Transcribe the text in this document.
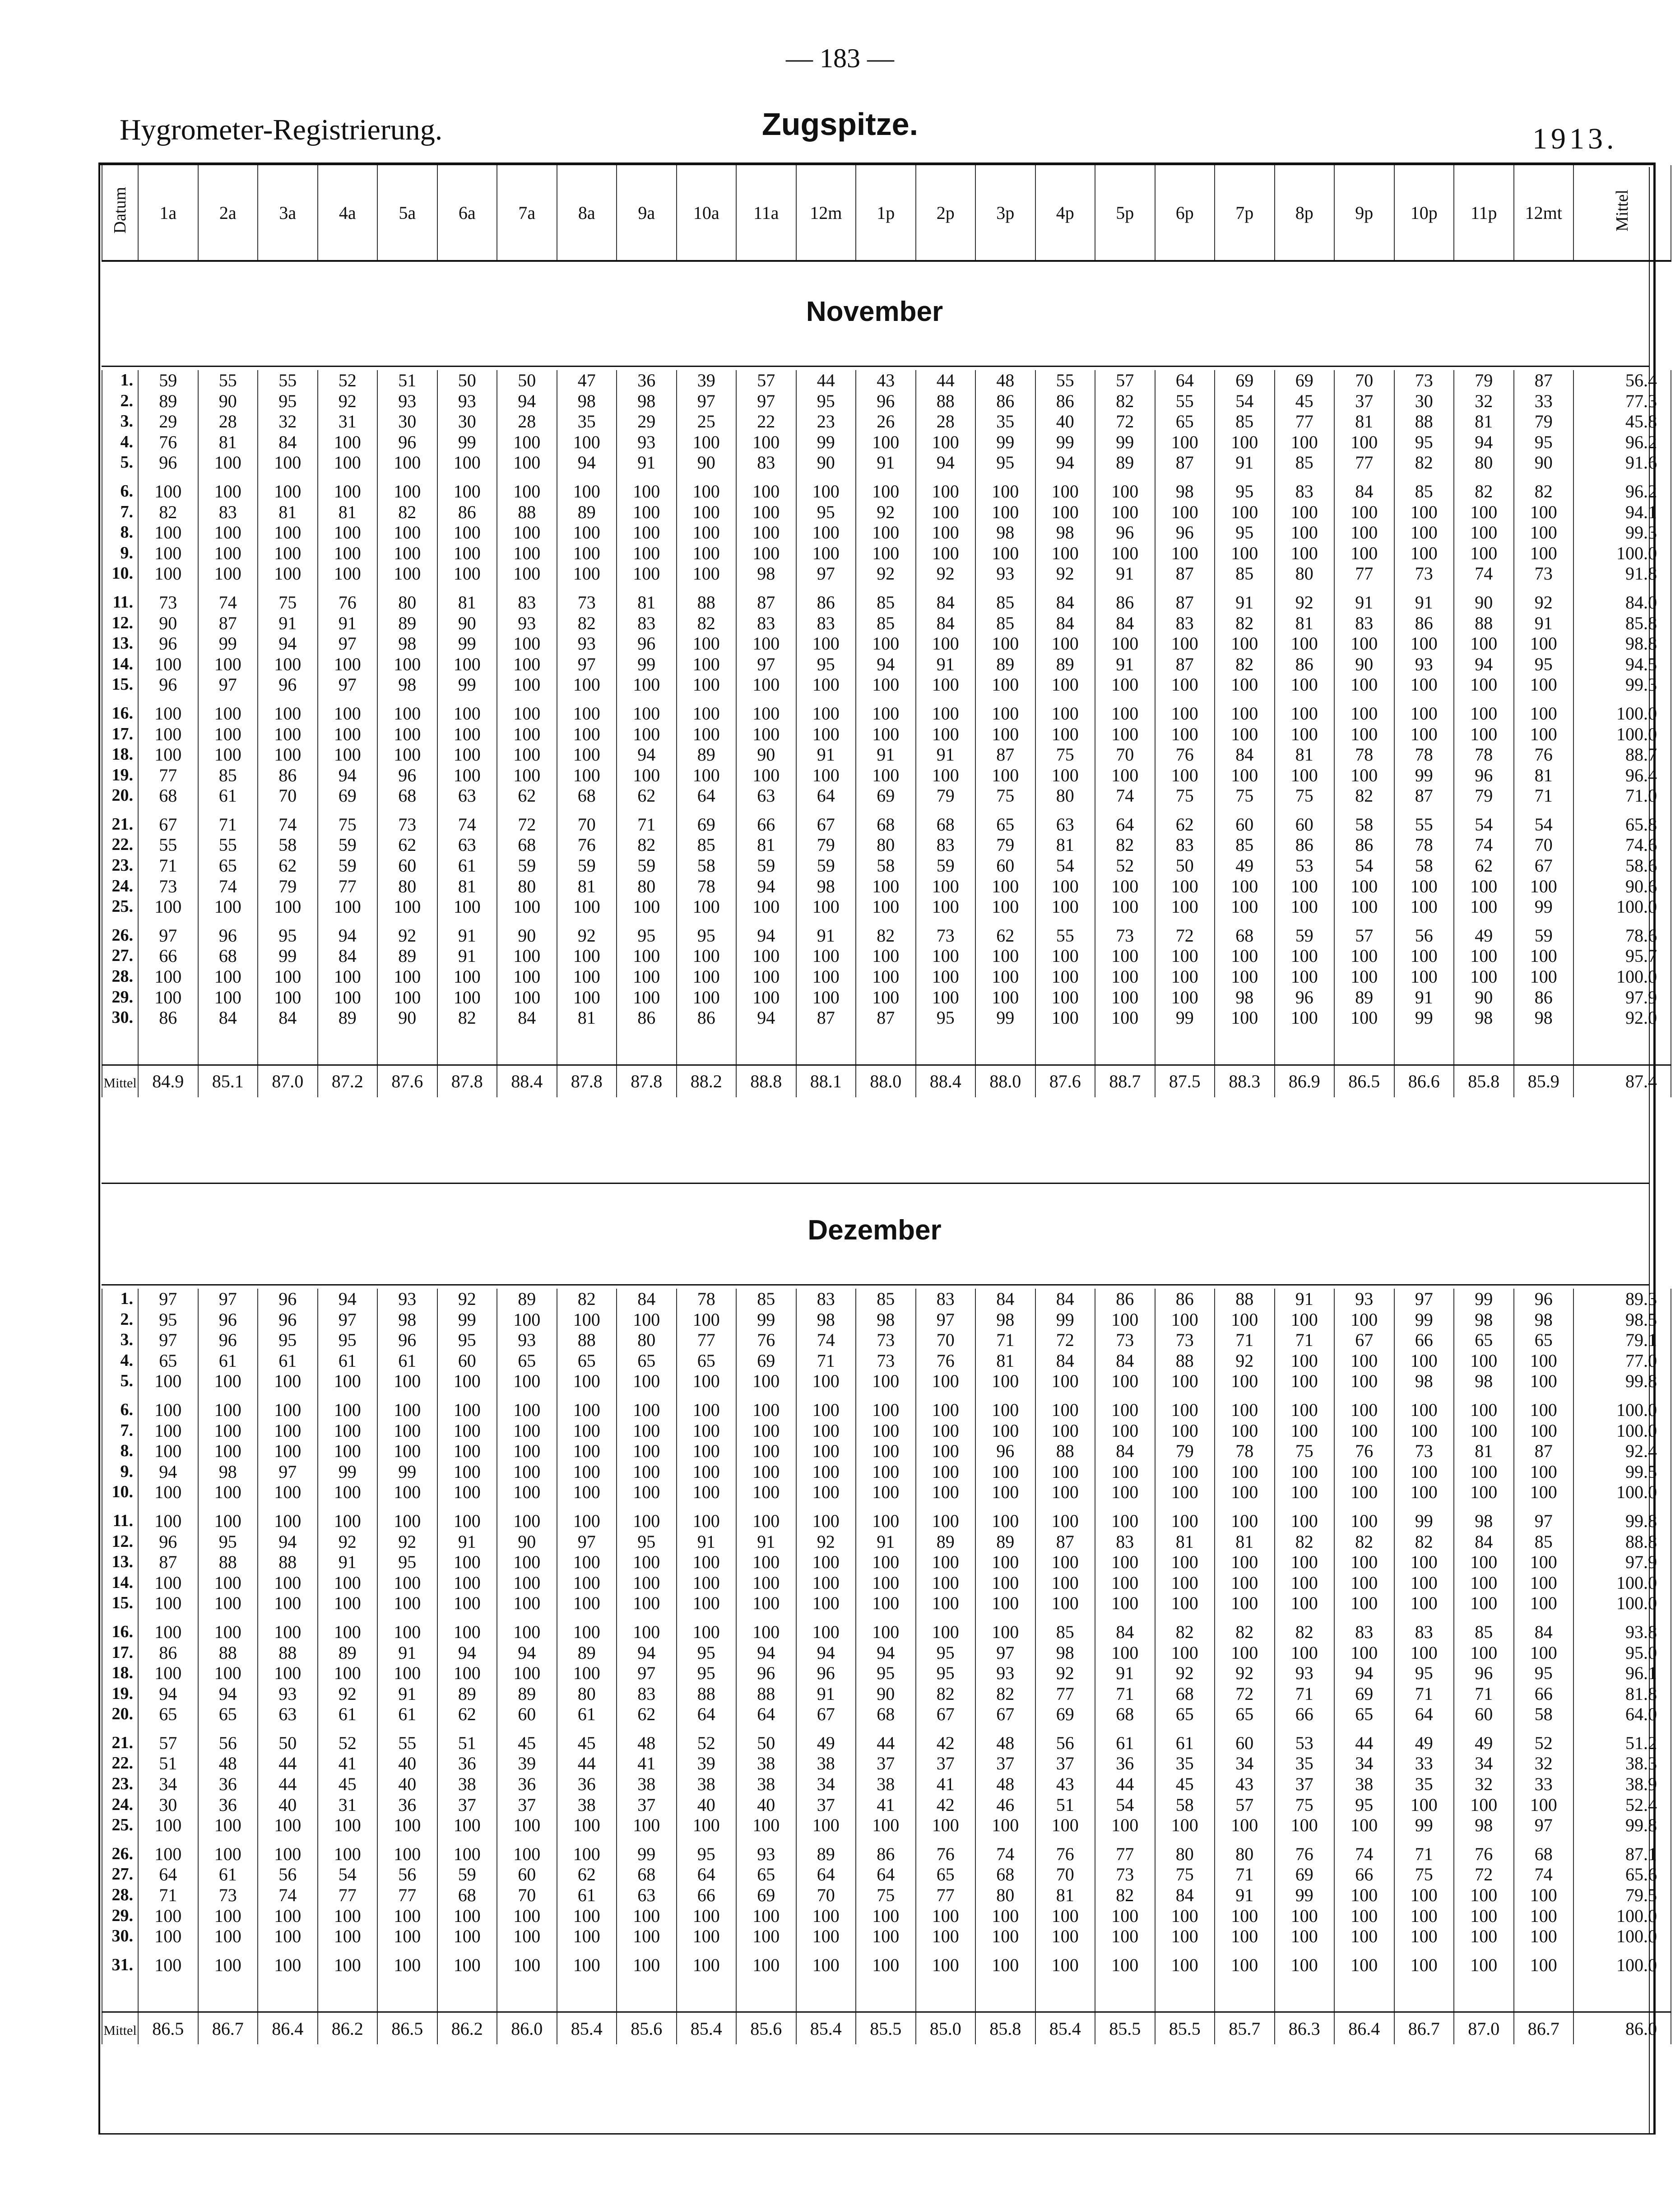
— 183 —
Hygrometer-Registrierung.	Zugspitze.	1913.
Datum	1a	2a	3a	4a	5a	6a	7a	8a	9a	10a	11a	12m	1p	2p	3p	4p	5p	6p	7p	8p	9p	10p	11p	12mt	Mittel
November
1.	59	55	55	52	51	50	50	47	36	39	57	44	43	44	48	55	57	64	69	69	70	73	79	87	56.4
2.	89	90	95	92	93	93	94	98	98	97	97	95	96	88	86	86	82	55	54	45	37	30	32	33	77.3
3.	29	28	32	31	30	30	28	35	29	25	22	23	26	28	35	40	72	65	85	77	81	88	81	79	45.8
4.	76	81	84	100	96	99	100	100	93	100	100	99	100	100	99	99	99	100	100	100	100	95	94	95	96.2
5.	96	100	100	100	100	100	100	94	91	90	83	90	91	94	95	94	89	87	91	85	77	82	80	90	91.6

6.	100	100	100	100	100	100	100	100	100	100	100	100	100	100	100	100	100	98	95	83	84	85	82	82	96.2
7.	82	83	81	81	82	86	88	89	100	100	100	95	92	100	100	100	100	100	100	100	100	100	100	100	94.1
8.	100	100	100	100	100	100	100	100	100	100	100	100	100	100	98	98	96	96	95	100	100	100	100	100	99.3
9.	100	100	100	100	100	100	100	100	100	100	100	100	100	100	100	100	100	100	100	100	100	100	100	100	100.0
10.	100	100	100	100	100	100	100	100	100	100	98	97	92	92	93	92	91	87	85	80	77	73	74	73	91.8

11.	73	74	75	76	80	81	83	73	81	88	87	86	85	84	85	84	86	87	91	92	91	91	90	92	84.0
12.	90	87	91	91	89	90	93	82	83	82	83	83	85	84	85	84	84	83	82	81	83	86	88	91	85.8
13.	96	99	94	97	98	99	100	93	96	100	100	100	100	100	100	100	100	100	100	100	100	100	100	100	98.8
14.	100	100	100	100	100	100	100	97	99	100	97	95	94	91	89	89	91	87	82	86	90	93	94	95	94.5
15.	96	97	96	97	98	99	100	100	100	100	100	100	100	100	100	100	100	100	100	100	100	100	100	100	99.3

16.	100	100	100	100	100	100	100	100	100	100	100	100	100	100	100	100	100	100	100	100	100	100	100	100	100.0
17.	100	100	100	100	100	100	100	100	100	100	100	100	100	100	100	100	100	100	100	100	100	100	100	100	100.0
18.	100	100	100	100	100	100	100	100	94	89	90	91	91	91	87	75	70	76	84	81	78	78	78	76	88.7
19.	77	85	86	94	96	100	100	100	100	100	100	100	100	100	100	100	100	100	100	100	100	99	96	81	96.4
20.	68	61	70	69	68	63	62	68	62	64	63	64	69	79	75	80	74	75	75	75	82	87	79	71	71.0

21.	67	71	74	75	73	74	72	70	71	69	66	67	68	68	65	63	64	62	60	60	58	55	54	54	65.8
22.	55	55	58	59	62	63	68	76	82	85	81	79	80	83	79	81	82	83	85	86	86	78	74	70	74.6
23.	71	65	62	59	60	61	59	59	59	58	59	59	58	59	60	54	52	50	49	53	54	58	62	67	58.6
24.	73	74	79	77	80	81	80	81	80	78	94	98	100	100	100	100	100	100	100	100	100	100	100	100	90.6
25.	100	100	100	100	100	100	100	100	100	100	100	100	100	100	100	100	100	100	100	100	100	100	100	99	100.0

26.	97	96	95	94	92	91	90	92	95	95	94	91	82	73	62	55	73	72	68	59	57	56	49	59	78.6
27.	66	68	99	84	89	91	100	100	100	100	100	100	100	100	100	100	100	100	100	100	100	100	100	100	95.7
28.	100	100	100	100	100	100	100	100	100	100	100	100	100	100	100	100	100	100	100	100	100	100	100	100	100.0
29.	100	100	100	100	100	100	100	100	100	100	100	100	100	100	100	100	100	100	98	96	89	91	90	86	97.9
30.	86	84	84	89	90	82	84	81	86	86	94	87	87	95	99	100	100	99	100	100	100	99	98	98	92.0

Mittel	84.9	85.1	87.0	87.2	87.6	87.8	88.4	87.8	87.8	88.2	88.8	88.1	88.0	88.4	88.0	87.6	88.7	87.5	88.3	86.9	86.5	86.6	85.8	85.9	87.4
Dezember
1.	97	97	96	94	93	92	89	82	84	78	85	83	85	83	84	84	86	86	88	91	93	97	99	96	89.3
2.	95	96	96	97	98	99	100	100	100	100	99	98	98	97	98	99	100	100	100	100	100	99	98	98	98.5
3.	97	96	95	95	96	95	93	88	80	77	76	74	73	70	71	72	73	73	71	71	67	66	65	65	79.1
4.	65	61	61	61	61	60	65	65	65	65	69	71	73	76	81	84	84	88	92	100	100	100	100	100	77.0
5.	100	100	100	100	100	100	100	100	100	100	100	100	100	100	100	100	100	100	100	100	100	98	98	100	99.8

6.	100	100	100	100	100	100	100	100	100	100	100	100	100	100	100	100	100	100	100	100	100	100	100	100	100.0
7.	100	100	100	100	100	100	100	100	100	100	100	100	100	100	100	100	100	100	100	100	100	100	100	100	100.0
8.	100	100	100	100	100	100	100	100	100	100	100	100	100	100	96	88	84	79	78	75	76	73	81	87	92.4
9.	94	98	97	99	99	100	100	100	100	100	100	100	100	100	100	100	100	100	100	100	100	100	100	100	99.5
10.	100	100	100	100	100	100	100	100	100	100	100	100	100	100	100	100	100	100	100	100	100	100	100	100	100.0

11.	100	100	100	100	100	100	100	100	100	100	100	100	100	100	100	100	100	100	100	100	100	99	98	97	99.8
12.	96	95	94	92	92	91	90	97	95	91	91	92	91	89	89	87	83	81	81	82	82	82	84	85	88.8
13.	87	88	88	91	95	100	100	100	100	100	100	100	100	100	100	100	100	100	100	100	100	100	100	100	97.9
14.	100	100	100	100	100	100	100	100	100	100	100	100	100	100	100	100	100	100	100	100	100	100	100	100	100.0
15.	100	100	100	100	100	100	100	100	100	100	100	100	100	100	100	100	100	100	100	100	100	100	100	100	100.0

16.	100	100	100	100	100	100	100	100	100	100	100	100	100	100	100	85	84	82	82	82	83	83	85	84	93.8
17.	86	88	88	89	91	94	94	89	94	95	94	94	94	95	97	98	100	100	100	100	100	100	100	100	95.0
18.	100	100	100	100	100	100	100	100	97	95	96	96	95	95	93	92	91	92	92	93	94	95	96	95	96.1
19.	94	94	93	92	91	89	89	80	83	88	88	91	90	82	82	77	71	68	72	71	69	71	71	66	81.8
20.	65	65	63	61	61	62	60	61	62	64	64	67	68	67	67	69	68	65	65	66	65	64	60	58	64.0

21.	57	56	50	52	55	51	45	45	48	52	50	49	44	42	48	56	61	61	60	53	44	49	49	52	51.2
22.	51	48	44	41	40	36	39	44	41	39	38	38	37	37	37	37	36	35	34	35	34	33	34	32	38.3
23.	34	36	44	45	40	38	36	36	38	38	38	34	38	41	48	43	44	45	43	37	38	35	32	33	38.9
24.	30	36	40	31	36	37	37	38	37	40	40	37	41	42	46	51	54	58	57	75	95	100	100	100	52.4
25.	100	100	100	100	100	100	100	100	100	100	100	100	100	100	100	100	100	100	100	100	100	99	98	97	99.8

26.	100	100	100	100	100	100	100	100	99	95	93	89	86	76	74	76	77	80	80	76	74	71	76	68	87.1
27.	64	61	56	54	56	59	60	62	68	64	65	64	64	65	68	70	73	75	71	69	66	75	72	74	65.6
28.	71	73	74	77	77	68	70	61	63	66	69	70	75	77	80	81	82	84	91	99	100	100	100	100	79.5
29.	100	100	100	100	100	100	100	100	100	100	100	100	100	100	100	100	100	100	100	100	100	100	100	100	100.0
30.	100	100	100	100	100	100	100	100	100	100	100	100	100	100	100	100	100	100	100	100	100	100	100	100	100.0

31.	100	100	100	100	100	100	100	100	100	100	100	100	100	100	100	100	100	100	100	100	100	100	100	100	100.0

Mittel	86.5	86.7	86.4	86.2	86.5	86.2	86.0	85.4	85.6	85.4	85.6	85.4	85.5	85.0	85.8	85.4	85.5	85.5	85.7	86.3	86.4	86.7	87.0	86.7	86.0
